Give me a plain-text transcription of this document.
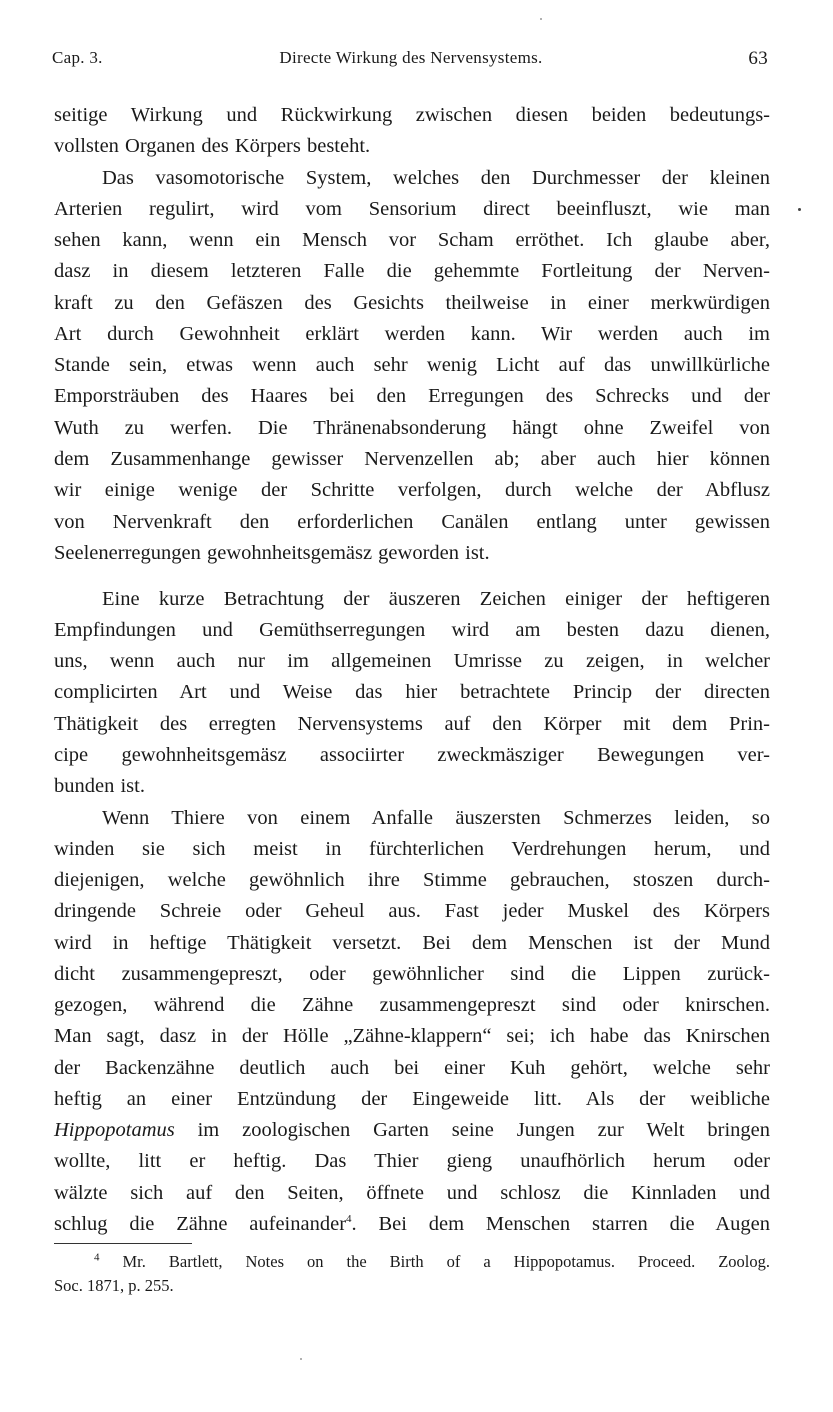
Cap. 3.	Directe Wirkung des Nervensystems.	63
seitige Wirkung und Rückwirkung zwischen diesen beiden bedeutungs-
vollsten Organen des Körpers besteht.
Das vasomotorische System, welches den Durchmesser der kleinen
Arterien regulirt, wird vom Sensorium direct beeinfluszt, wie man
sehen kann, wenn ein Mensch vor Scham erröthet. Ich glaube aber,
dasz in diesem letzteren Falle die gehemmte Fortleitung der Nerven-
kraft zu den Gefäszen des Gesichts theilweise in einer merkwürdigen
Art durch Gewohnheit erklärt werden kann. Wir werden auch im
Stande sein, etwas wenn auch sehr wenig Licht auf das unwillkürliche
Emporsträuben des Haares bei den Erregungen des Schrecks und der
Wuth zu werfen. Die Thränenabsonderung hängt ohne Zweifel von
dem Zusammenhange gewisser Nervenzellen ab; aber auch hier können
wir einige wenige der Schritte verfolgen, durch welche der Abflusz
von Nervenkraft den erforderlichen Canälen entlang unter gewissen
Seelenerregungen gewohnheitsgemäsz geworden ist.
Eine kurze Betrachtung der äuszeren Zeichen einiger der heftigeren
Empfindungen und Gemüthserregungen wird am besten dazu dienen,
uns, wenn auch nur im allgemeinen Umrisse zu zeigen, in welcher
complicirten Art und Weise das hier betrachtete Princip der directen
Thätigkeit des erregten Nervensystems auf den Körper mit dem Prin-
cipe gewohnheitsgemäsz associirter zweckmäsziger Bewegungen ver-
bunden ist.
Wenn Thiere von einem Anfalle äuszersten Schmerzes leiden, so
winden sie sich meist in fürchterlichen Verdrehungen herum, und
diejenigen, welche gewöhnlich ihre Stimme gebrauchen, stoszen durch-
dringende Schreie oder Geheul aus. Fast jeder Muskel des Körpers
wird in heftige Thätigkeit versetzt. Bei dem Menschen ist der Mund
dicht zusammengepreszt, oder gewöhnlicher sind die Lippen zurück-
gezogen, während die Zähne zusammengepreszt sind oder knirschen.
Man sagt, dasz in der Hölle „Zähne-klappern“ sei; ich habe das Knirschen
der Backenzähne deutlich auch bei einer Kuh gehört, welche sehr
heftig an einer Entzündung der Eingeweide litt. Als der weibliche
Hippopotamus im zoologischen Garten seine Jungen zur Welt bringen
wollte, litt er heftig. Das Thier gieng unaufhörlich herum oder
wälzte sich auf den Seiten, öffnete und schlosz die Kinnladen und
schlug die Zähne aufeinander$^4$. Bei dem Menschen starren die Augen
$^4$ Mr. Bartlett, Notes on the Birth of a Hippopotamus. Proceed. Zoolog.
Soc. 1871, p. 255.
